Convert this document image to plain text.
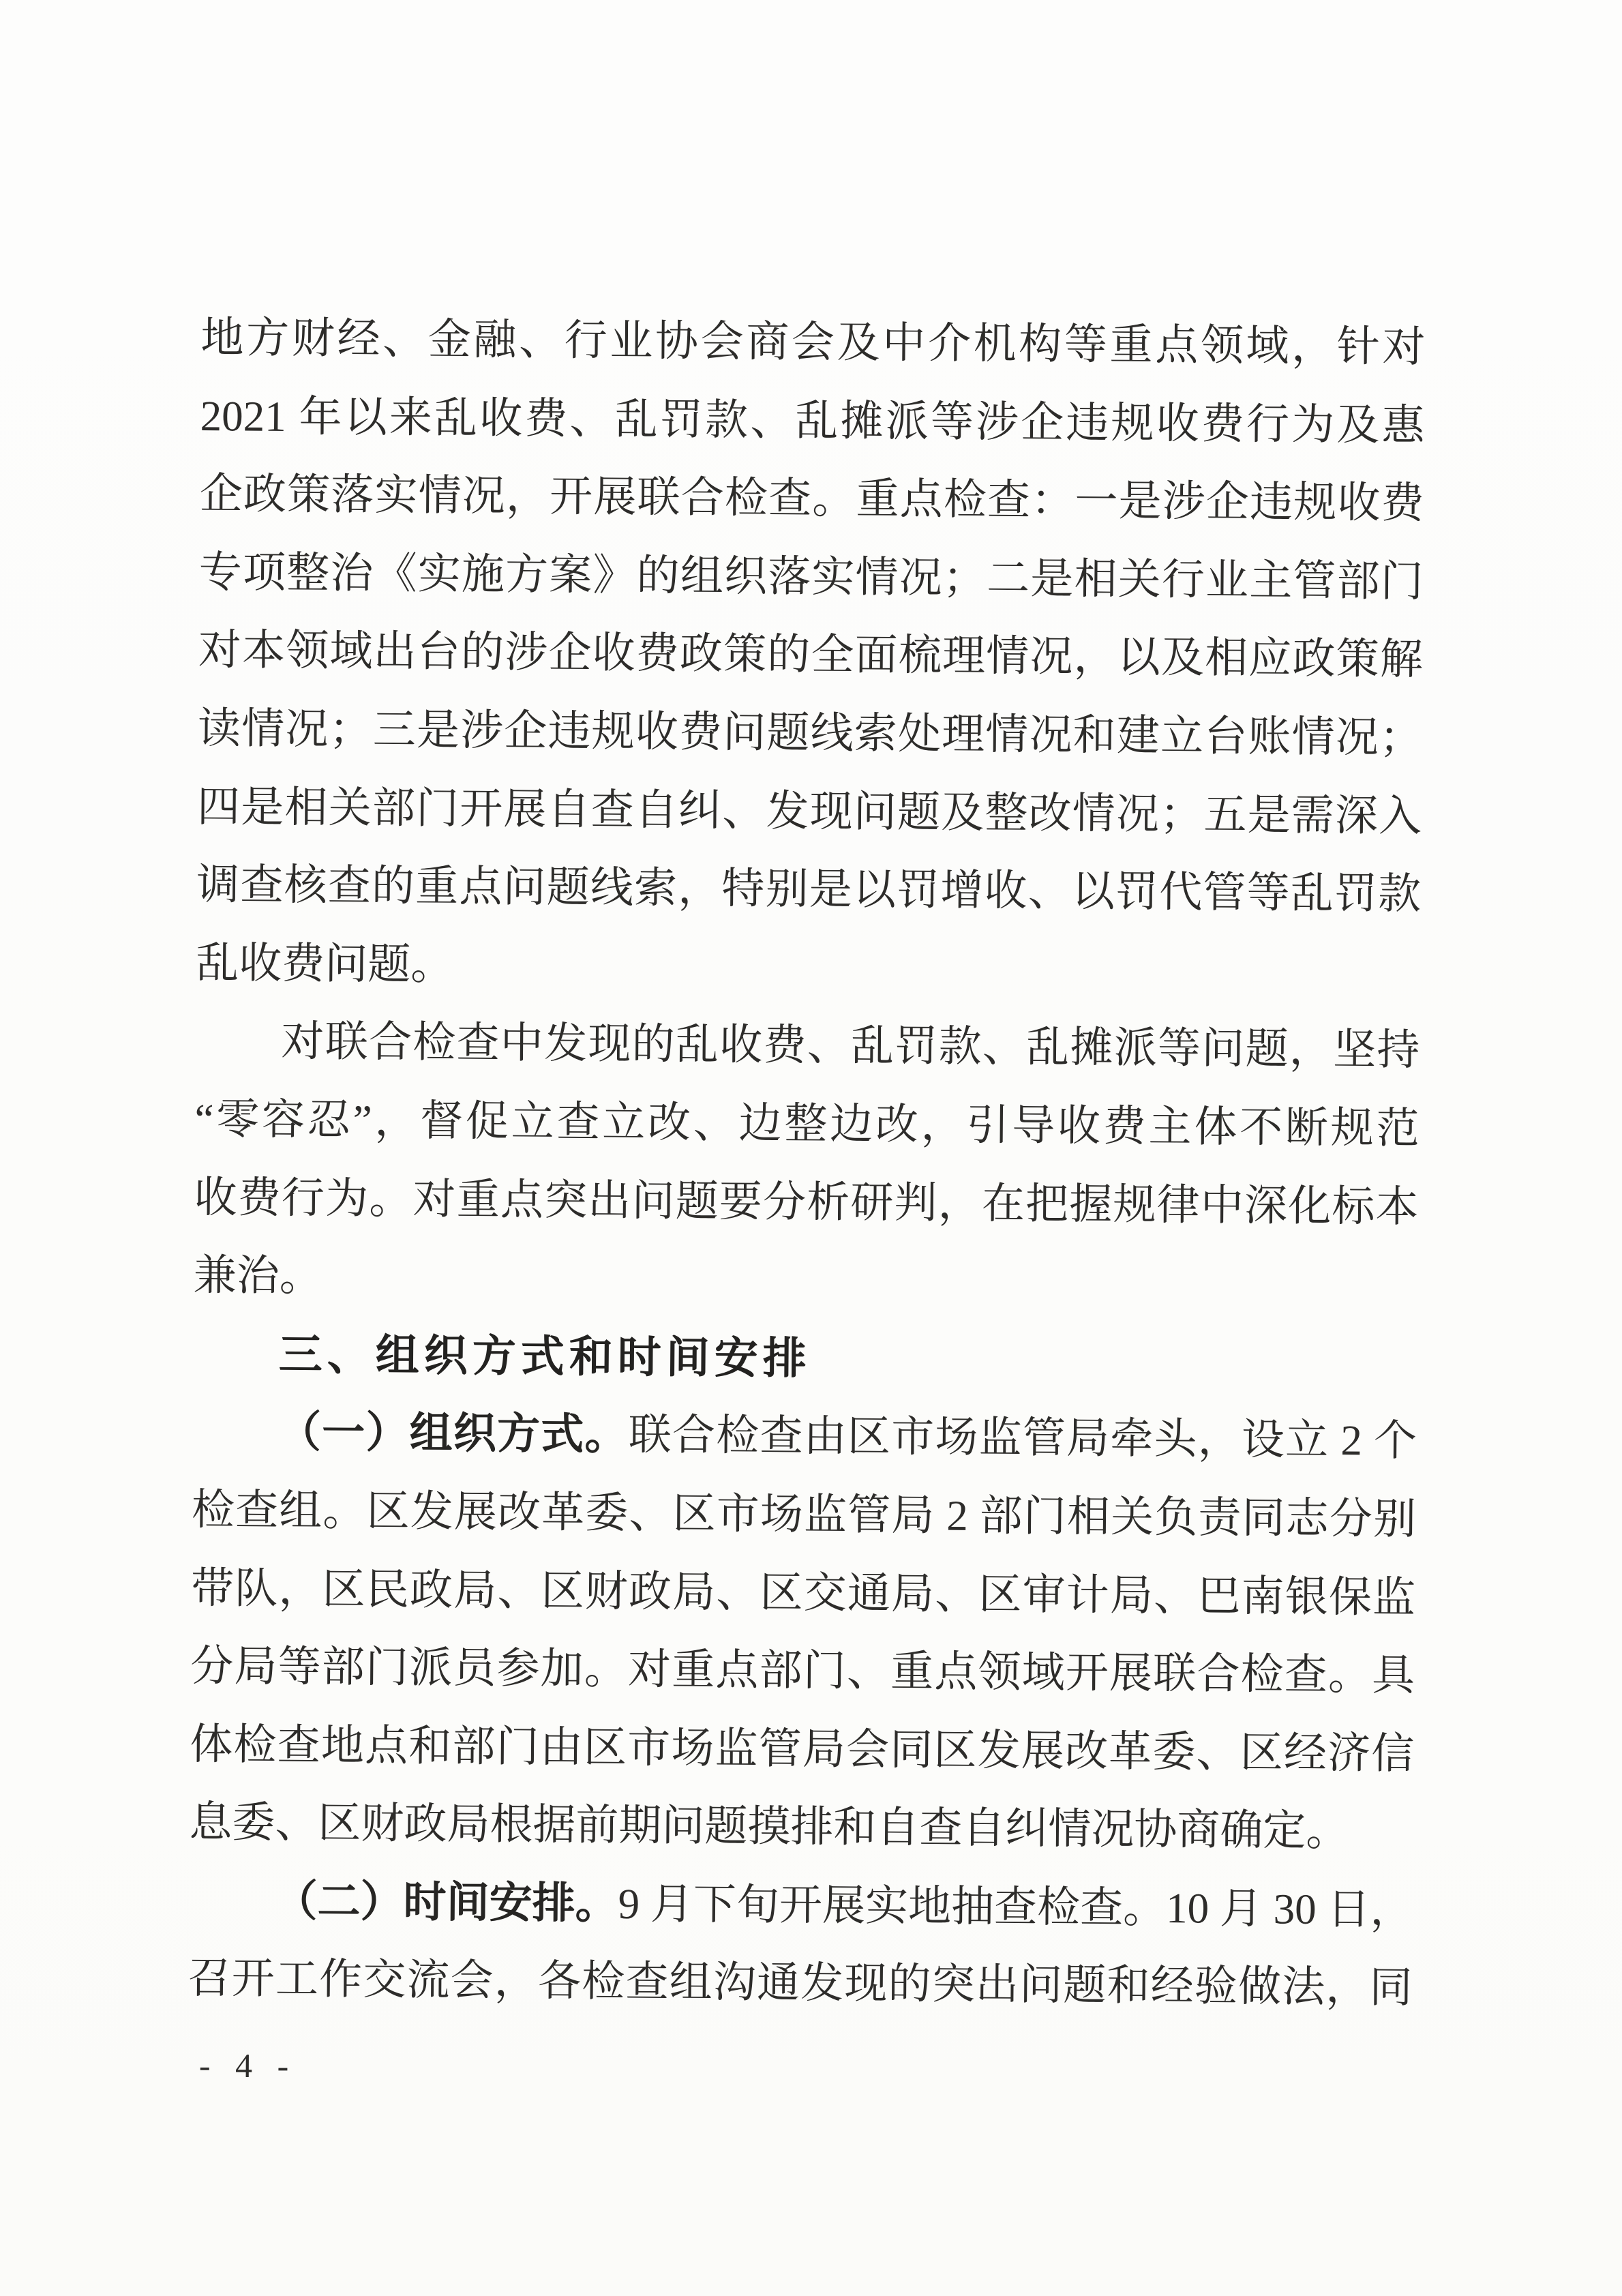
地方财经、金融、行业协会商会及中介机构等重点领域，针对
2021 年以来乱收费、乱罚款、乱摊派等涉企违规收费行为及惠
企政策落实情况，开展联合检查。重点检查：一是涉企违规收费
专项整治《实施方案》的组织落实情况；二是相关行业主管部门
对本领域出台的涉企收费政策的全面梳理情况，以及相应政策解
读情况；三是涉企违规收费问题线索处理情况和建立台账情况；
四是相关部门开展自查自纠、发现问题及整改情况；五是需深入
调查核查的重点问题线索，特别是以罚增收、以罚代管等乱罚款
乱收费问题。
对联合检查中发现的乱收费、乱罚款、乱摊派等问题，坚持
“零容忍”，督促立查立改、边整边改，引导收费主体不断规范
收费行为。对重点突出问题要分析研判，在把握规律中深化标本
兼治。
三、组织方式和时间安排
（一）组织方式。联合检查由区市场监管局牵头，设立 2 个
检查组。区发展改革委、区市场监管局 2 部门相关负责同志分别
带队，区民政局、区财政局、区交通局、区审计局、巴南银保监
分局等部门派员参加。对重点部门、重点领域开展联合检查。具
体检查地点和部门由区市场监管局会同区发展改革委、区经济信
息委、区财政局根据前期问题摸排和自查自纠情况协商确定。
（二）时间安排。9 月下旬开展实地抽查检查。10 月 30 日，
召开工作交流会，各检查组沟通发现的突出问题和经验做法，同
- 4 -
